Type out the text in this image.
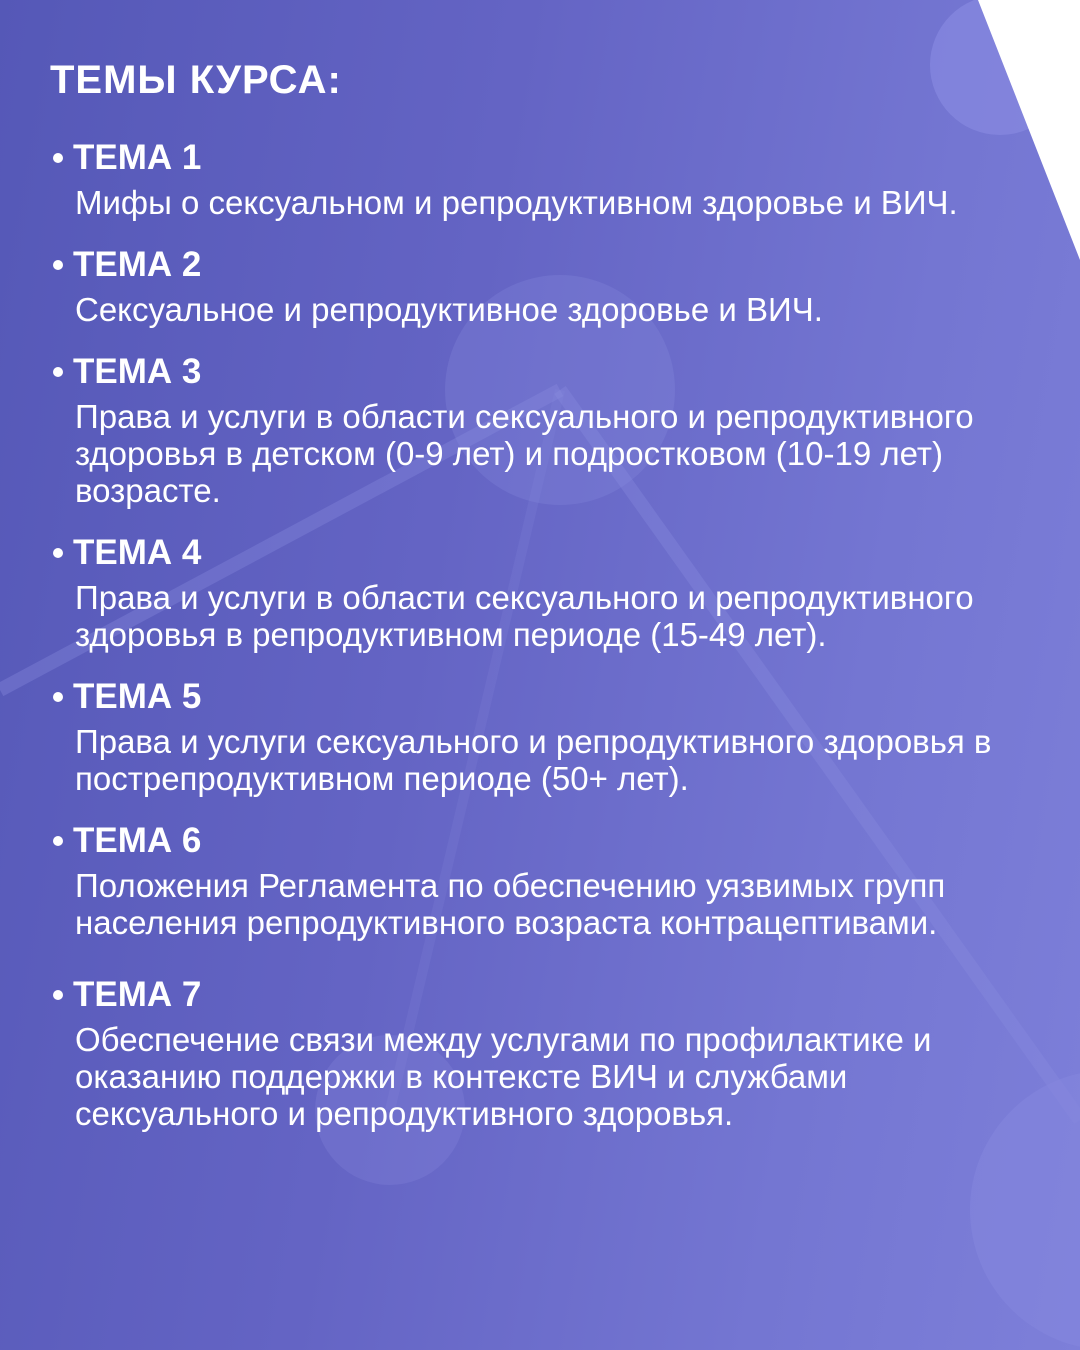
ТЕМЫ КУРСА:
ТЕМА 1
Мифы о сексуальном и репродуктивном здоровье и ВИЧ.
ТЕМА 2
Сексуальное и репродуктивное здоровье и ВИЧ.
ТЕМА 3
Права и услуги в области сексуального и репродуктивного здоровья в детском (0-9 лет) и подростковом (10-19 лет) возрасте.
ТЕМА 4
Права и услуги в области сексуального и репродуктивного здоровья в репродуктивном периоде (15-49 лет).
ТЕМА 5
Права и услуги сексуального и репродуктивного здоровья в пострепродуктивном периоде (50+ лет).
ТЕМА 6
Положения Регламента по обеспечению уязвимых групп населения репродуктивного возраста контрацептивами.
ТЕМА 7
Обеспечение связи между услугами по профилактике и оказанию поддержки в контексте ВИЧ и службами сексуального и репродуктивного здоровья.
